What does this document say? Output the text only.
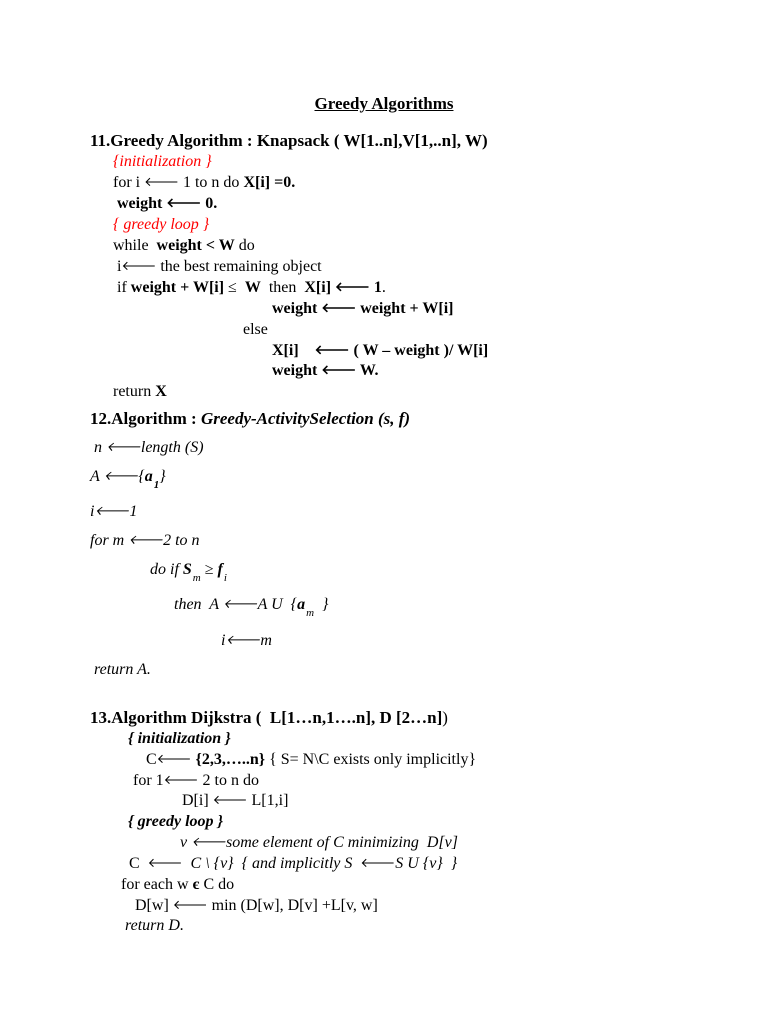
Greedy Algorithms
11.Greedy Algorithm : Knapsack ( W[1..n],V[1,..n], W)
{initialization }
for i 🡐 1 to n do X[i] =0.
weight 🡐 0.
{ greedy loop }
while  weight < W do
i🡐 the best remaining object
if weight + W[i] ≤  W  then  X[i] 🡐 1.
weight 🡐 weight + W[i]
else
X[i]    🡐 ( W – weight )/ W[i]
weight 🡐 W.
return X
12.Algorithm : Greedy-ActivitySelection (s, f)
n 🡐length (S)
A $🡐\{a_1\}$
i🡐1
for m 🡐2 to n
do if $S_m \ge f_i$
then  A 🡐A U  {$a_m$  }
i🡐m
return A.
13.Algorithm Dijkstra (  L[1…n,1….n], D [2…n])
{ initialization }
C🡐 {2,3,…..n} { S= N\C exists only implicitly}
for 1🡐 2 to n do
D[i] 🡐 L[1,i]
{ greedy loop }
v 🡐some element of C minimizing  D[v]
C  🡐 C \ {v}  { and implicitly S  🡐S U {v}  }
for each w є C do
D[w] 🡐 min (D[w], D[v] +L[v, w]
return D.
